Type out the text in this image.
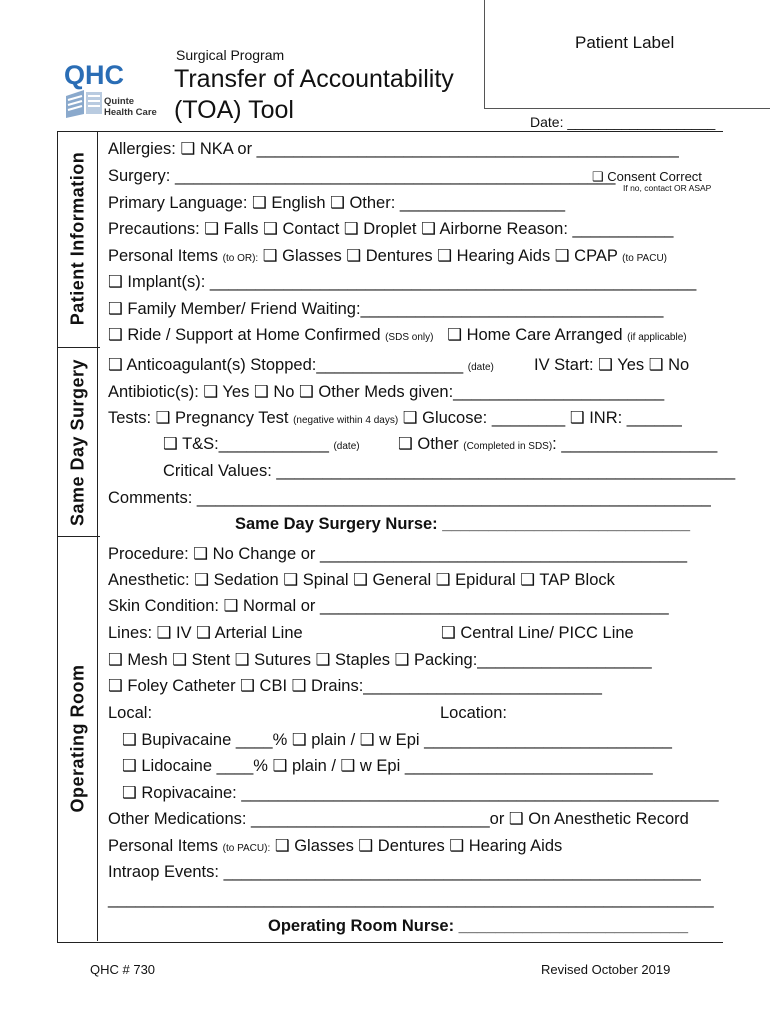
Patient Label
QHC
Quinte
Health Care
Surgical Program
Transfer of Accountability
(TOA) Tool	Date: ___________________
Patient Information
Same Day Surgery
Operating Room
Allergies: ❑ NKA or ______________________________________________
Surgery: ________________________________________________
❑ Consent Correct
If no, contact OR ASAP
Primary Language: ❑ English ❑ Other: __________________
Precautions: ❑ Falls ❑ Contact ❑ Droplet ❑ Airborne Reason: ___________
Personal Items (to OR): ❑ Glasses ❑ Dentures ❑ Hearing Aids ❑ CPAP (to PACU)
❑ Implant(s): _____________________________________________________
❑ Family Member/ Friend Waiting:_________________________________
❑ Ride / Support at Home Confirmed (SDS only) ❑ Home Care Arranged (if applicable)
❑ Anticoagulant(s) Stopped:________________ (date) IV Start: ❑ Yes ❑ No
Antibiotic(s): ❑ Yes ❑ No ❑ Other Meds given:_______________________
Tests: ❑ Pregnancy Test (negative within 4 days) ❑ Glucose: ________ ❑ INR: ______
❑ T&S:____________ (date) ❑ Other (Completed in SDS): _________________
Critical Values: __________________________________________________
Comments: ________________________________________________________
Same Day Surgery Nurse: ___________________________
Procedure: ❑ No Change or ________________________________________
Anesthetic: ❑ Sedation ❑ Spinal ❑ General ❑ Epidural ❑ TAP Block
Skin Condition: ❑ Normal or ______________________________________
Lines: ❑ IV ❑ Arterial Line	❑ Central Line/ PICC Line
❑ Mesh ❑ Stent ❑ Sutures ❑ Staples ❑ Packing:___________________
❑ Foley Catheter ❑ CBI ❑ Drains:__________________________
Local:	Location:
❑ Bupivacaine ____% ❑ plain / ❑ w Epi ___________________________
❑ Lidocaine ____% ❑ plain / ❑ w Epi ___________________________
❑ Ropivacaine: ____________________________________________________
Other Medications: __________________________or ❑ On Anesthetic Record
Personal Items (to PACU): ❑ Glasses ❑ Dentures ❑ Hearing Aids
Intraop Events: ____________________________________________________
__________________________________________________________________
Operating Room Nurse: _________________________
QHC # 730	Revised October 2019
